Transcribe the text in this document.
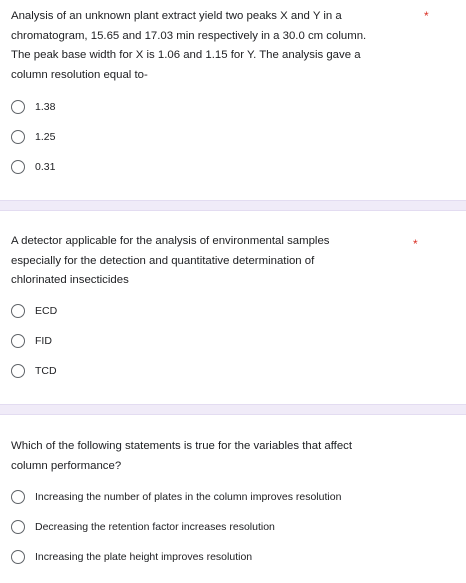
Analysis of an unknown plant extract yield two peaks X and Y in a
chromatogram, 15.65 and 17.03 min respectively in a 30.0 cm column.
The peak base width for X is 1.06 and 1.15 for Y. The analysis gave a
column resolution equal to-
*
1.38
1.25
0.31
A detector applicable for the analysis of environmental samples
especially for the detection and quantitative determination of
chlorinated insecticides
*
ECD
FID
TCD
Which of the following statements is true for the variables that affect
column performance?
Increasing the number of plates in the column improves resolution
Decreasing the retention factor increases resolution
Increasing the plate height improves resolution
